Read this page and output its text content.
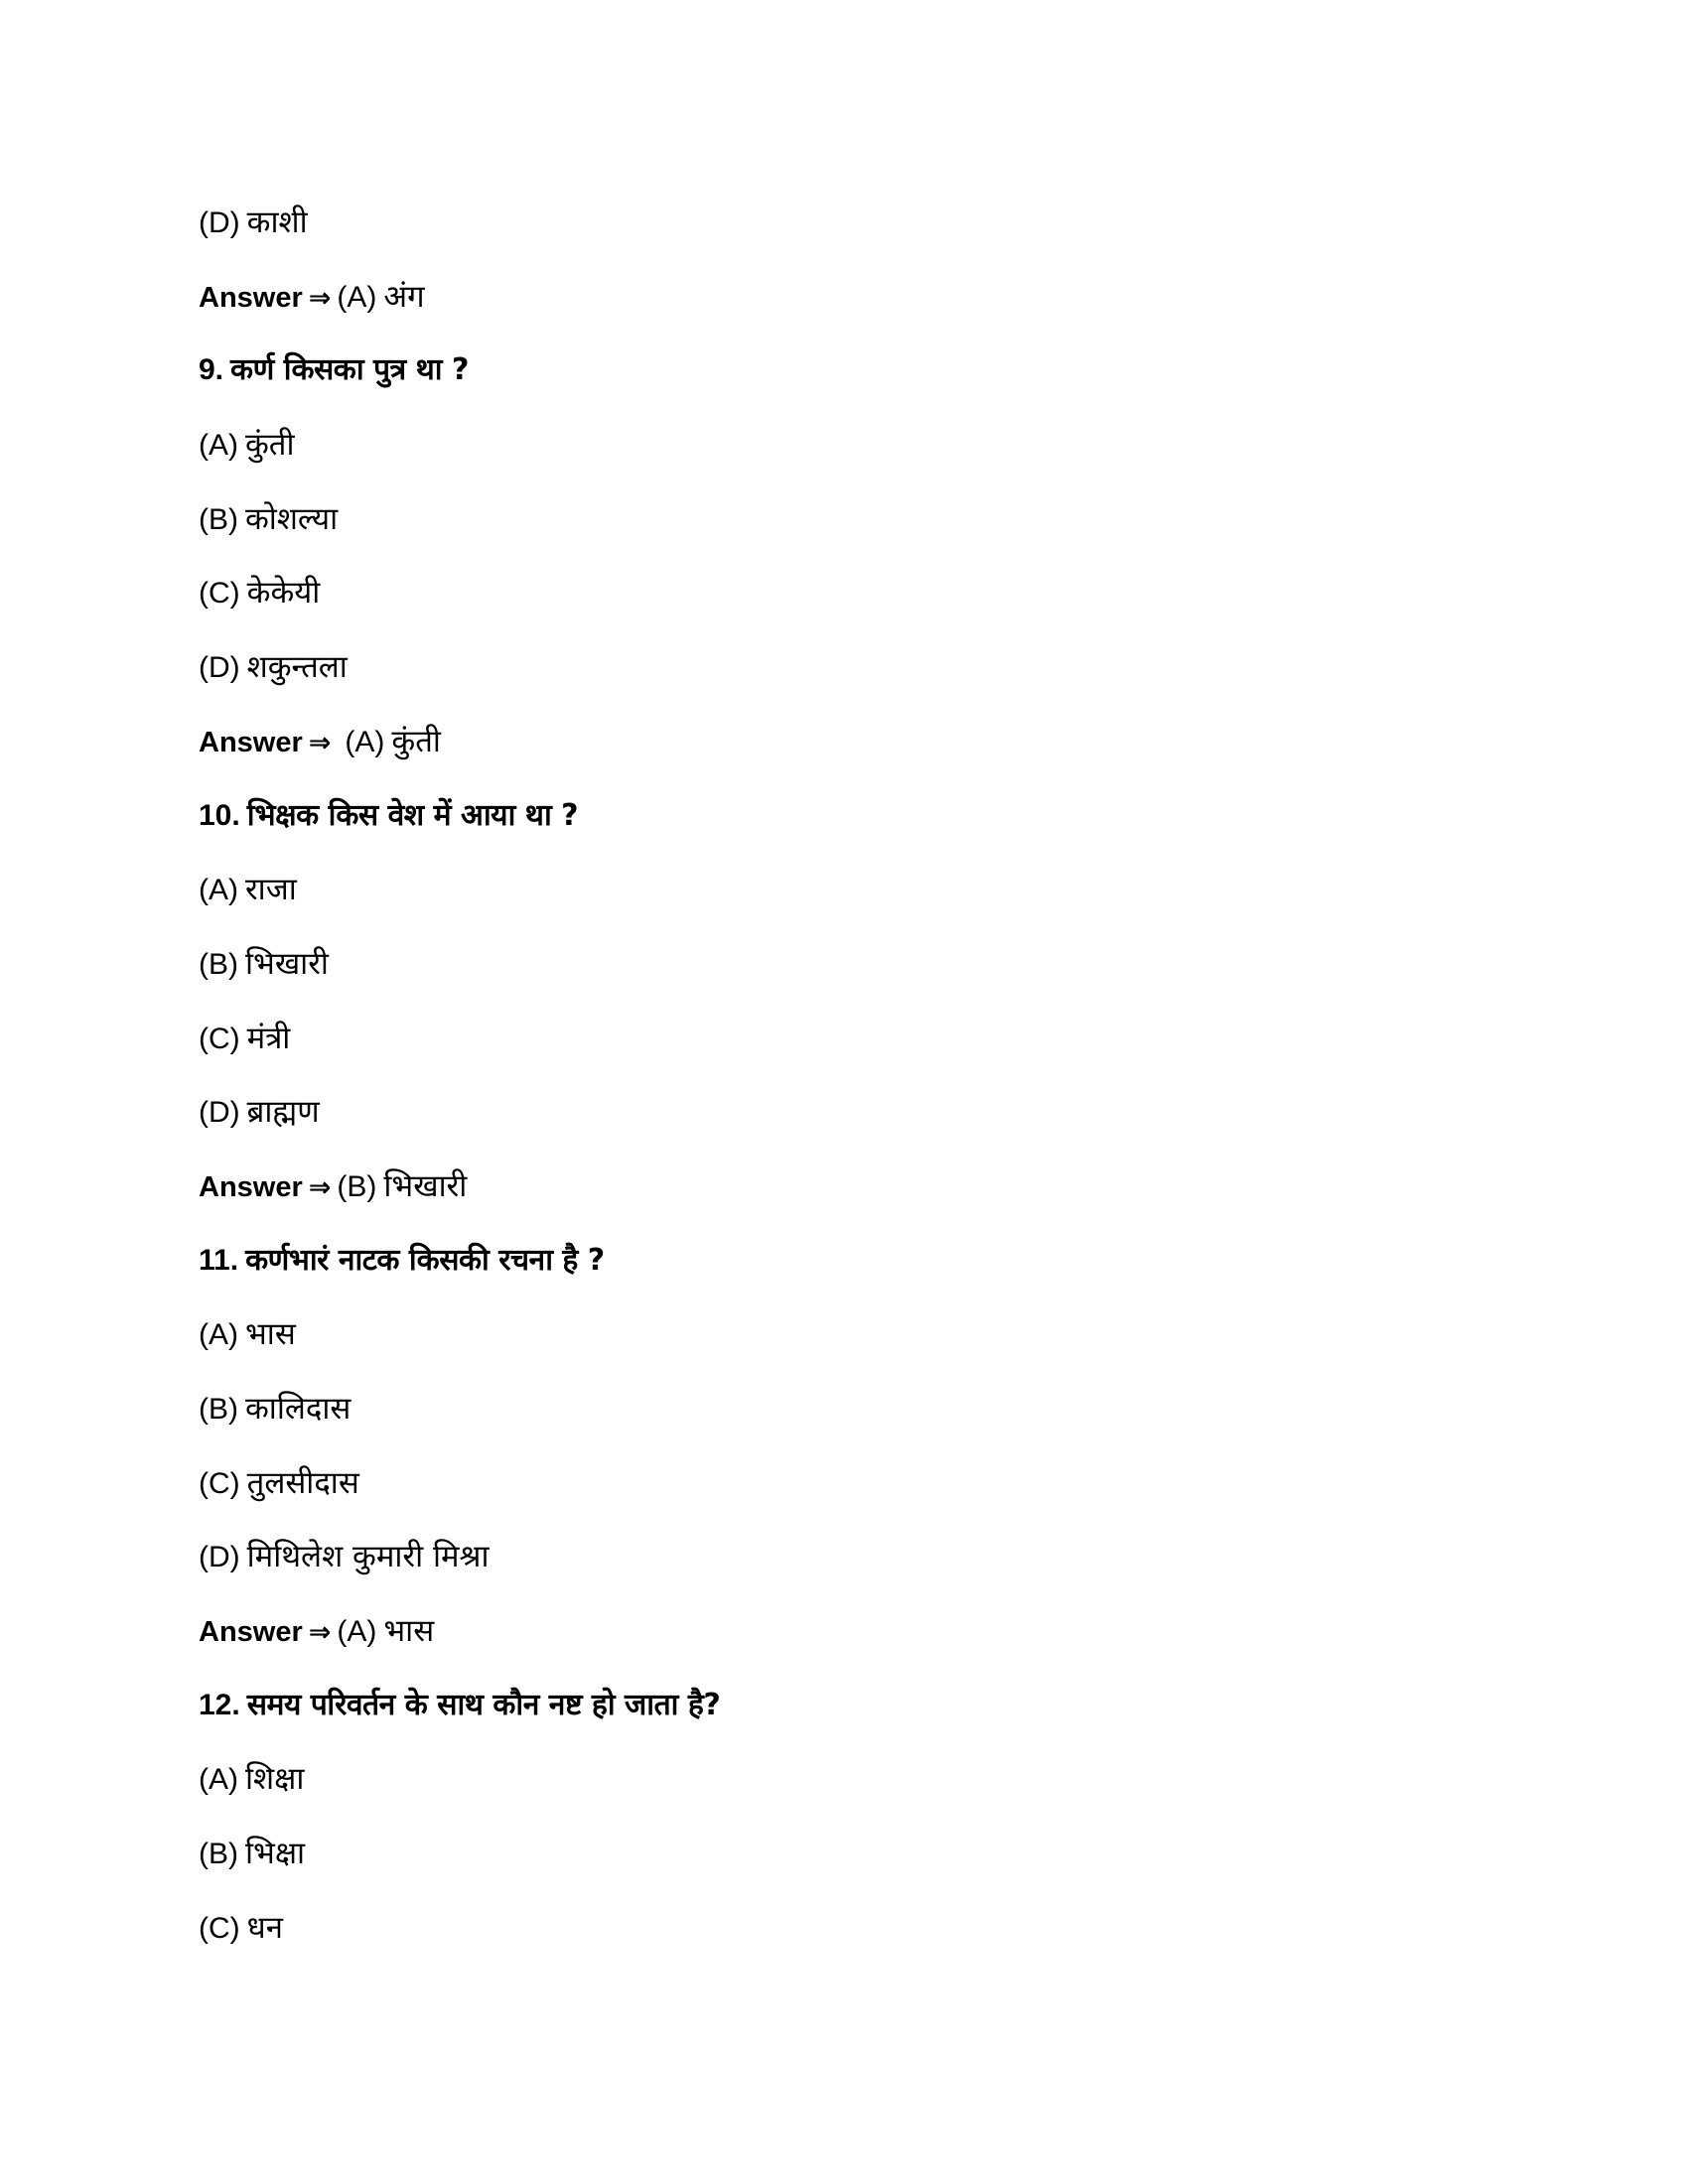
(D) काशी
Answer ⇒ (A) अंग
9. कर्ण किसका पुत्र था ?
(A) कुंती
(B) कोशल्या
(C) केकेयी
(D) शकुन्तला
Answer ⇒ (A) कुंती
10. भिक्षक किस वेश में आया था ?
(A) राजा
(B) भिखारी
(C) मंत्री
(D) ब्राह्मण
Answer ⇒ (B) भिखारी
11. कर्णभारं नाटक किसकी रचना है ?
(A) भास
(B) कालिदास
(C) तुलसीदास
(D) मिथिलेश कुमारी मिश्रा
Answer ⇒ (A) भास
12. समय परिवर्तन के साथ कौन नष्ट हो जाता है?
(A) शिक्षा
(B) भिक्षा
(C) धन
